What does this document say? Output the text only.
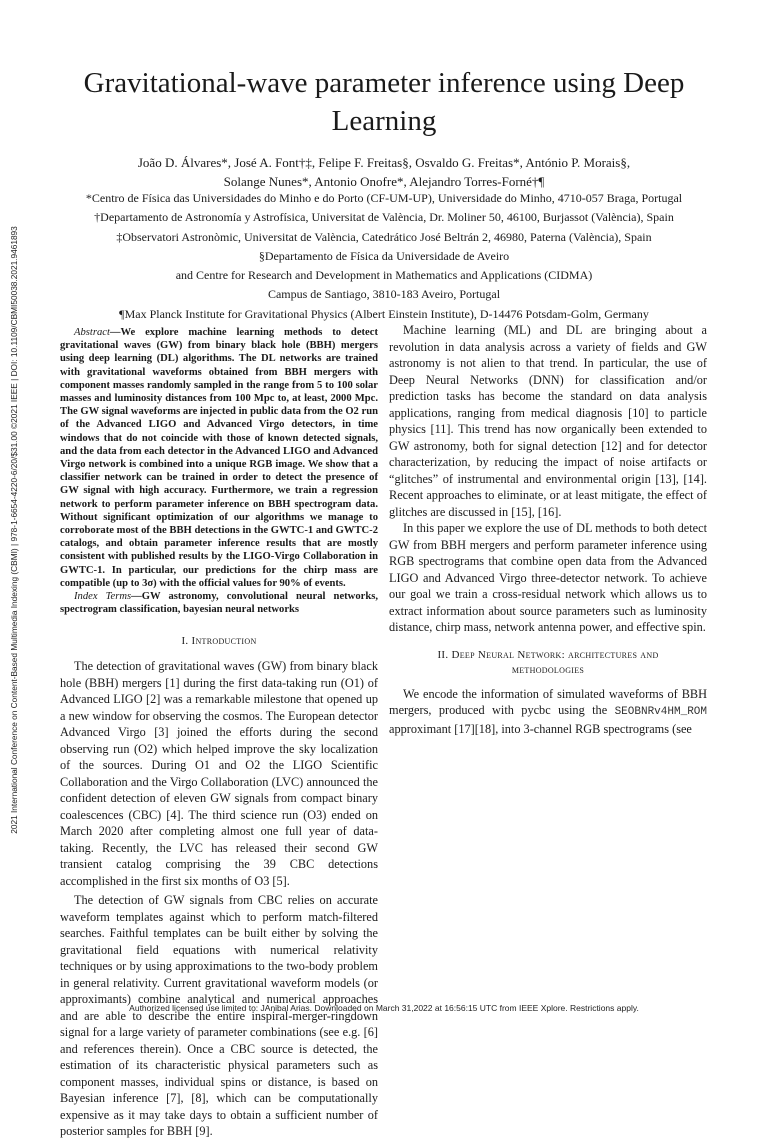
2021 International Conference on Content-Based Multimedia Indexing (CBMI) | 978-1-6654-4220-6/20/$31.00 ©2021 IEEE | DOI: 10.1109/CBMI50038.2021.9461893
Gravitational-wave parameter inference using Deep Learning
João D. Álvares*, José A. Font†‡, Felipe F. Freitas§, Osvaldo G. Freitas*, António P. Morais§,
Solange Nunes*, Antonio Onofre*, Alejandro Torres-Forné†¶
*Centro de Física das Universidades do Minho e do Porto (CF-UM-UP), Universidade do Minho, 4710-057 Braga, Portugal
†Departamento de Astronomía y Astrofísica, Universitat de València, Dr. Moliner 50, 46100, Burjassot (València), Spain
‡Observatori Astronòmic, Universitat de València, Catedrático José Beltrán 2, 46980, Paterna (València), Spain
§Departamento de Física da Universidade de Aveiro
and Centre for Research and Development in Mathematics and Applications (CIDMA)
Campus de Santiago, 3810-183 Aveiro, Portugal
¶Max Planck Institute for Gravitational Physics (Albert Einstein Institute), D-14476 Potsdam-Golm, Germany

Abstract—We explore machine learning methods to detect gravitational waves (GW) from binary black hole (BBH) mergers using deep learning (DL) algorithms. The DL networks are trained with gravitational waveforms obtained from BBH mergers with component masses randomly sampled in the range from 5 to 100 solar masses and luminosity distances from 100 Mpc to, at least, 2000 Mpc. The GW signal waveforms are injected in public data from the O2 run of the Advanced LIGO and Advanced Virgo detectors, in time windows that do not coincide with those of known detected signals, and the data from each detector in the Advanced LIGO and Advanced Virgo network is combined into a unique RGB image. We show that a classifier network can be trained in order to detect the presence of GW signal with high accuracy. Furthermore, we train a regression network to perform parameter inference on BBH spectrogram data. Without significant optimization of our algorithms we manage to corroborate most of the BBH detections in the GWTC-1 and GWTC-2 catalogs, and obtain parameter inference results that are mostly consistent with published results by the LIGO-Virgo Collaboration in GWTC-1. In particular, our predictions for the chirp mass are compatible (up to 3σ) with the official values for 90% of events.

Index Terms—GW astronomy, convolutional neural networks, spectrogram classification, bayesian neural networks

I. Introduction

The detection of gravitational waves (GW) from binary black hole (BBH) mergers [1] during the first data-taking run (O1) of Advanced LIGO [2] was a remarkable milestone that opened up a new window for observing the cosmos. The European detector Advanced Virgo [3] joined the efforts during the second observing run (O2) which helped improve the sky localization of the sources. During O1 and O2 the LIGO Scientific Collaboration and the Virgo Collaboration (LVC) announced the confident detection of eleven GW signals from compact binary coalescences (CBC) [4]. The third science run (O3) ended on March 2020 after completing almost one full year of data-taking. Recently, the LVC has released their second GW transient catalog comprising the 39 CBC detections accomplished in the first six months of O3 [5].

The detection of GW signals from CBC relies on accurate waveform templates against which to perform match-filtered searches. Faithful templates can be built either by solving the gravitational field equations with numerical relativity techniques or by using approximations to the two-body problem in general relativity. Current gravitational waveform models (or approximants) combine analytical and numerical approaches and are able to describe the entire inspiral-merger-ringdown signal for a large variety of parameter combinations (see e.g. [6] and references therein). Once a CBC source is detected, the estimation of its characteristic physical parameters such as component masses, individual spins or distance, is based on Bayesian inference [7], [8], which can be computationally expensive as it may take days to obtain a sufficient number of posterior samples for BBH [9].

Machine learning (ML) and DL are bringing about a revolution in data analysis across a variety of fields and GW astronomy is not alien to that trend. In particular, the use of Deep Neural Networks (DNN) for classification and/or prediction tasks has become the standard on data analysis applications, ranging from medical diagnosis [10] to particle physics [11]. This trend has now organically been extended to GW astronomy, both for signal detection [12] and for detector characterization, by reducing the impact of noise artifacts or “glitches” of instrumental and environmental origin [13], [14]. Recent approaches to eliminate, or at least mitigate, the effect of glitches are discussed in [15], [16].

In this paper we explore the use of DL methods to both detect GW from BBH mergers and perform parameter inference using RGB spectrograms that combine open data from the Advanced LIGO and Advanced Virgo three-detector network. To achieve our goal we train a cross-residual network which allows us to extract information about source parameters such as luminosity distance, chirp mass, network antenna power, and effective spin.

II. Deep Neural Network: architectures and
methodologies

We encode the information of simulated waveforms of BBH mergers, produced with pycbc using the SEOBNRv4HM_ROM approximant [17][18], into 3-channel RGB spectrograms (see

Authorized licensed use limited to: JAnibal Arias. Downloaded on March 31,2022 at 16:56:15 UTC from IEEE Xplore. Restrictions apply.
